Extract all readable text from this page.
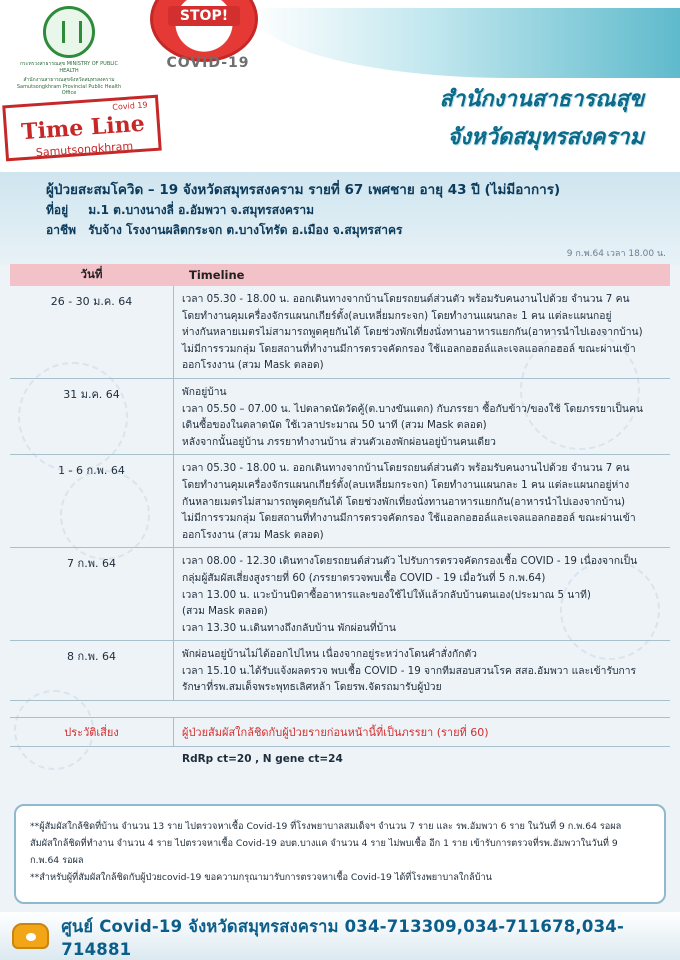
กระทรวงสาธารณสุข MINISTRY OF PUBLIC HEALTH
สำนักงานสาธารณสุขจังหวัดสมุทรสงคราม Samutsongkhram Provincial Public Health Office
STOP!
COVID-19
สำนักงานสาธารณสุข
จังหวัดสมุทรสงคราม
Covid 19
Time Line
Samutsongkhram
ผู้ป่วยสะสมโควิด – 19 จังหวัดสมุทรสงคราม รายที่ 67 เพศชาย อายุ 43 ปี (ไม่มีอาการ)
ที่อยู่ ม.1 ต.บางนางลี่ อ.อัมพวา จ.สมุทรสงคราม
อาชีพ รับจ้าง โรงงานผลิตกระจก ต.บางโทรัด อ.เมือง จ.สมุทรสาคร
9 ก.พ.64 เวลา 18.00 น.
วันที่	Timeline
26 - 30 ม.ค. 64	เวลา 05.30 - 18.00 น. ออกเดินทางจากบ้านโดยรถยนต์ส่วนตัว พร้อมรับคนงานไปด้วย จำนวน 7 คน
โดยทำงานคุมเครื่องจักรแผนกเกียร์ตั้ง(ลบเหลี่ยมกระจก) โดยทำงานแผนกละ 1 คน แต่ละแผนกอยู่
ห่างกันหลายเมตรไม่สามารถพูดคุยกันได้ โดยช่วงพักเที่ยงนั่งทานอาหารแยกกัน(อาหารนำไปเองจากบ้าน)
ไม่มีการรวมกลุ่ม โดยสถานที่ทำงานมีการตรวจคัดกรอง ใช้แอลกอฮอล์และเจลแอลกอฮอล์ ขณะผ่านเข้า
ออกโรงงาน (สวม Mask ตลอด)
31 ม.ค. 64	พักอยู่บ้าน
เวลา 05.50 – 07.00 น. ไปตลาดนัดวัดคู้(ต.บางขันแตก) กับภรรยา ซื้อกับข้าว/ของใช้ โดยภรรยาเป็นคน
เดินซื้อของในตลาดนัด ใช้เวลาประมาณ 50 นาที (สวม Mask ตลอด)
หลังจากนั้นอยู่บ้าน ภรรยาทำงานบ้าน ส่วนตัวเองพักผ่อนอยู่บ้านคนเดียว
1 - 6 ก.พ. 64	เวลา 05.30 - 18.00 น. ออกเดินทางจากบ้านโดยรถยนต์ส่วนตัว พร้อมรับคนงานไปด้วย จำนวน 7 คน
โดยทำงานคุมเครื่องจักรแผนกเกียร์ตั้ง(ลบเหลี่ยมกระจก) โดยทำงานแผนกละ 1 คน แต่ละแผนกอยู่ห่าง
กันหลายเมตรไม่สามารถพูดคุยกันได้ โดยช่วงพักเที่ยงนั่งทานอาหารแยกกัน(อาหารนำไปเองจากบ้าน)
ไม่มีการรวมกลุ่ม โดยสถานที่ทำงานมีการตรวจคัดกรอง ใช้แอลกอฮอล์และเจลแอลกอฮอล์ ขณะผ่านเข้า
ออกโรงงาน (สวม Mask ตลอด)
7 ก.พ. 64	เวลา 08.00 - 12.30 เดินทางโดยรถยนต์ส่วนตัว ไปรับการตรวจคัดกรองเชื้อ COVID - 19 เนื่องจากเป็น
กลุ่มผู้สัมผัสเสี่ยงสูงรายที่ 60 (ภรรยาตรวจพบเชื้อ COVID - 19 เมื่อวันที่ 5 ก.พ.64)
เวลา 13.00 น. แวะบ้านบิดาซื้ออาหารและของใช้ไปให้แล้วกลับบ้านตนเอง(ประมาณ 5 นาที)
(สวม Mask ตลอด)
เวลา 13.30 น.เดินทางถึงกลับบ้าน พักผ่อนที่บ้าน
8 ก.พ. 64	พักผ่อนอยู่บ้านไม่ได้ออกไปไหน เนื่องจากอยู่ระหว่างโดนคำสั่งกักตัว
เวลา 15.10 น.ได้รับแจ้งผลตรวจ พบเชื้อ COVID - 19 จากทีมสอบสวนโรค สสอ.อัมพวา และเข้ารับการ
รักษาที่รพ.สมเด็จพระพุทธเลิศหล้า โดยรพ.จัดรถมารับผู้ป่วย
ประวัติเสี่ยง	ผู้ป่วยสัมผัสใกล้ชิดกับผู้ป่วยรายก่อนหน้านี้ที่เป็นภรรยา (รายที่ 60)
RdRp ct=20 , N gene ct=24
**ผู้สัมผัสใกล้ชิดที่บ้าน จำนวน 13 ราย ไปตรวจหาเชื้อ Covid-19 ที่โรงพยาบาลสมเด็จฯ จำนวน 7 ราย และ รพ.อัมพวา 6 ราย ในวันที่ 9 ก.พ.64 รอผล
สัมผัสใกล้ชิดที่ทำงาน จำนวน 4 ราย ไปตรวจหาเชื้อ Covid-19 อบต.บางแค จำนวน 4 ราย ไม่พบเชื้อ อีก 1 ราย เข้ารับการตรวจที่รพ.อัมพวาในวันที่ 9
ก.พ.64 รอผล
**สำหรับผู้ที่สัมผัสใกล้ชิดกับผู้ป่วยcovid-19 ขอความกรุณามารับการตรวจหาเชื้อ Covid-19 ได้ที่โรงพยาบาลใกล้บ้าน
ศูนย์ Covid-19 จังหวัดสมุทรสงคราม 034-713309,034-711678,034-714881
